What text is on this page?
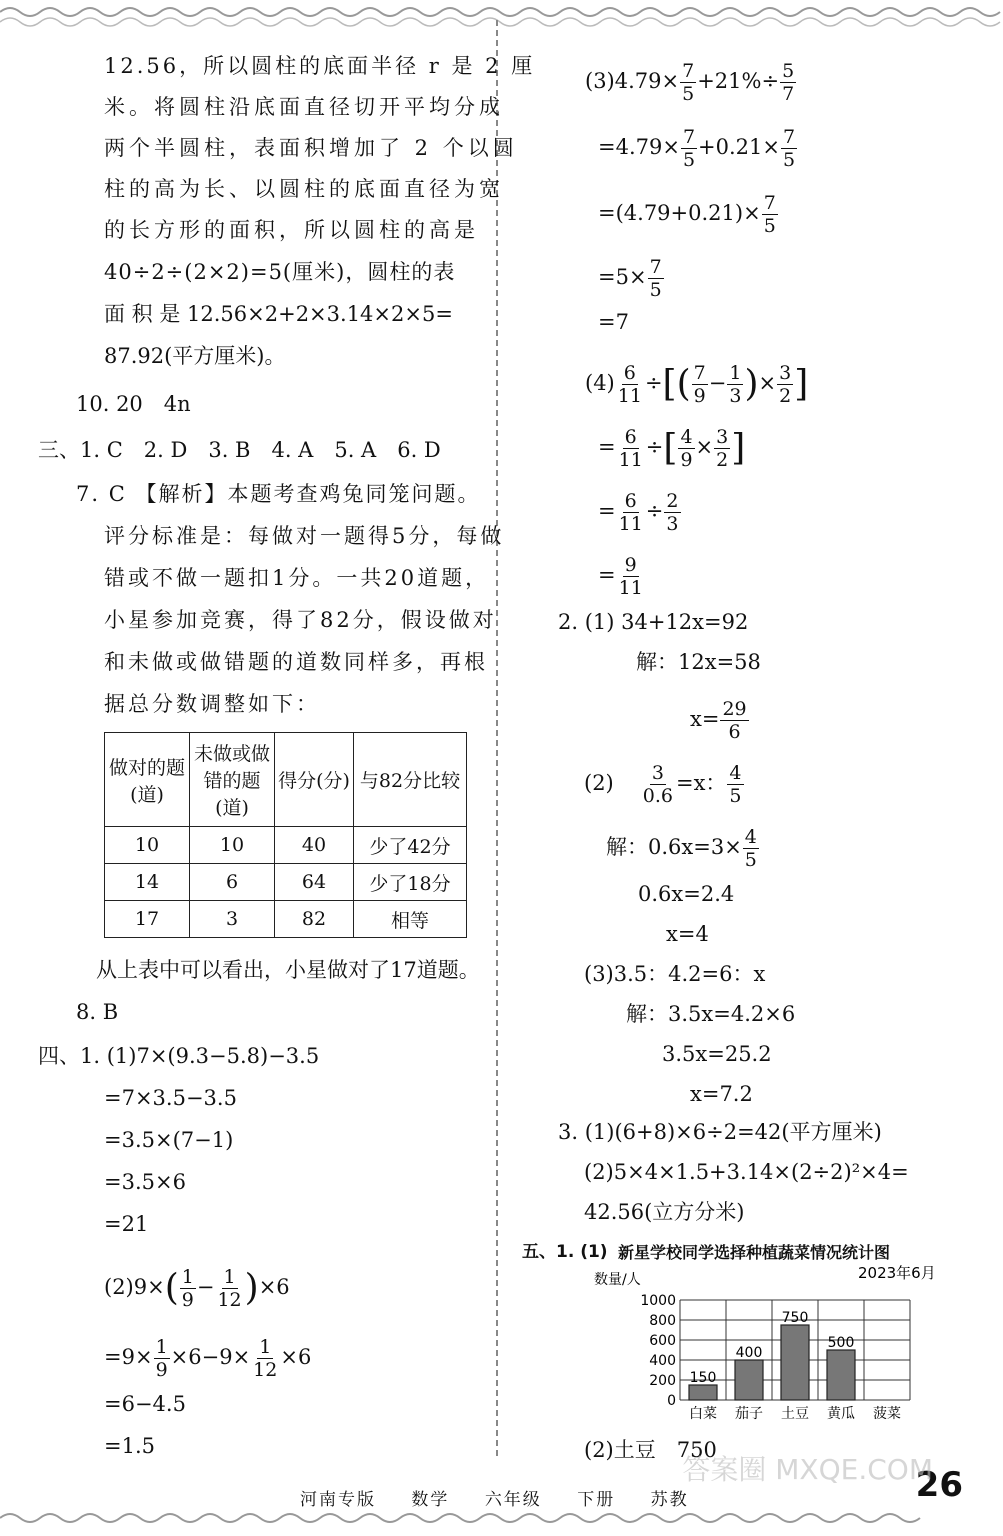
12.56，所以圆柱的底面半径 r 是 2 厘
米。将圆柱沿底面直径切开平均分成
两个半圆柱，表面积增加了 2 个以圆
柱的高为长、以圆柱的底面直径为宽
的长方形的面积，所以圆柱的高是
40÷2÷(2×2)=5(厘米)，圆柱的表
面 积 是 12.56×2+2×3.14×2×5=
87.92(平方厘米)。
10. 20　4n
三、1. C　2. D　3. B　4. A　5. A　6. D
7. C 【解析】本题考查鸡兔同笼问题。
评分标准是：每做对一题得5分，每做
错或不做一题扣1分。一共20道题，
小星参加竞赛，得了82分，假设做对
和未做或做错题的道数同样多，再根
据总分数调整如下：
做对的题(道)	未做或做错的题(道)	得分(分)	与82分比较
10	10	40	少了42分
14	6	64	少了18分
17	3	82	相等
从上表中可以看出，小星做对了17道题。
8. B
四、1. (1)7×(9.3−5.8)−3.5
=7×3.5−3.5
=3.5×(7−1)
=3.5×6
=21
$(2)9\times( \frac{1}{9} - \frac{1}{12} )\times 6$
$=9\times \frac{1}{9} \times 6-9\times \frac{1}{12} \times 6$
=6−4.5
=1.5
$(3)4.79\times \frac{7}{5} +21\%\div \frac{5}{7}$
$=4.79\times \frac{7}{5} +0.21\times \frac{7}{5}$
$=(4.79+0.21)\times \frac{7}{5}$
$=5\times \frac{7}{5}$
=7
$(4) \frac{6}{11}$ ÷[( $\frac{7}{9} - \frac{1}{3}$ )× $\frac{3}{2}$ ]
= $\frac{6}{11}$ ÷[ $\frac{4}{9} \times \frac{3}{2}$ ]
= $\frac{6}{11} \div \frac{2}{3}$
= $\frac{9}{11}$
2. (1) 34+12x=92
解：12x=58
$x= \frac{29}{6}$
$(2) \frac{3}{0.6} =x$： $\frac{4}{5}$
解：$0.6x=3\times \frac{4}{5}$
0.6x=2.4
x=4
(3)3.5：4.2=6：x
解：3.5x=4.2×6
3.5x=25.2
x=7.2
3. (1)(6+8)×6÷2=42(平方厘米)
(2)5×4×1.5+3.14×(2÷2)²×4=
42.56(立方分米)
五、1. (1) 新星学校同学选择种植蔬菜情况统计图
数量/人	2023年6月
0
200
400
600
800
1000
150
白菜
400
茄子
750
土豆
500
黄瓜 菠菜
(2)土豆　750
河南专版 数学 六年级 下册 苏教	26
答案圈 MXQE.COM
